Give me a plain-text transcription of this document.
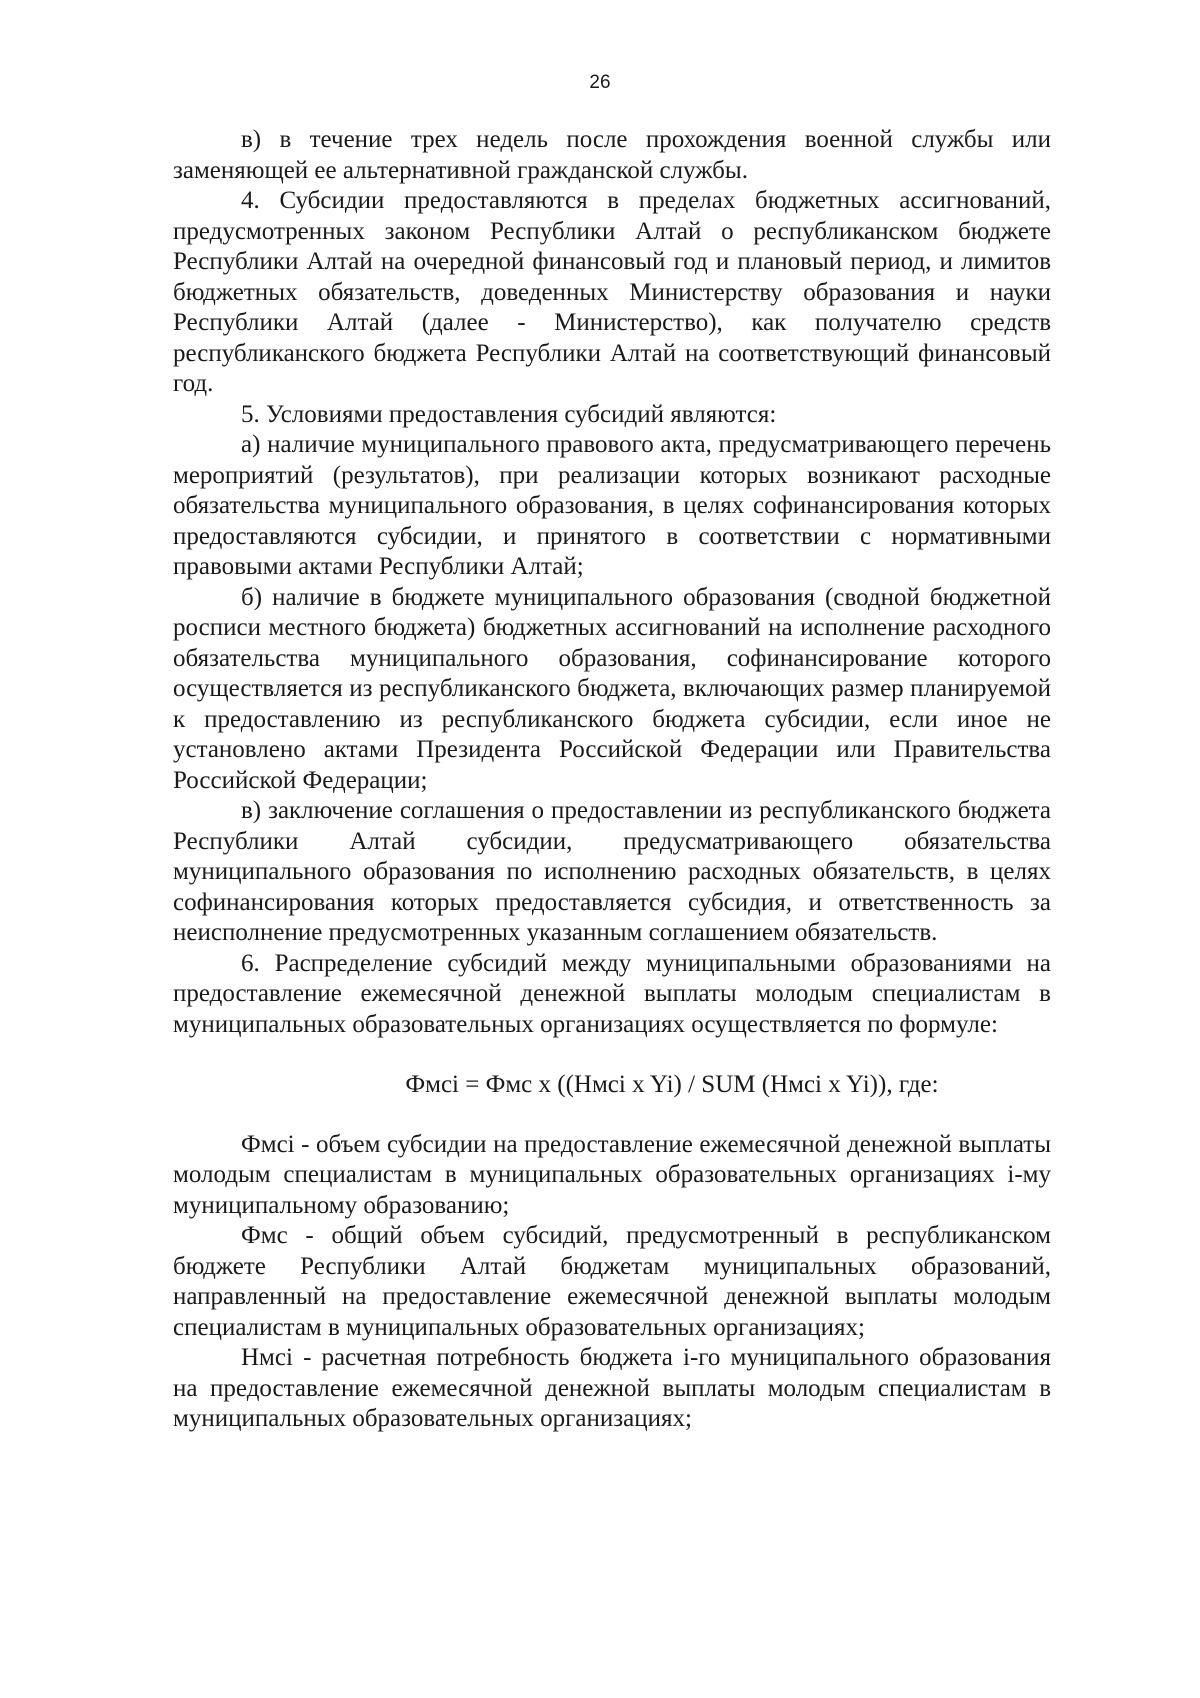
26

в) в течение трех недель после прохождения военной службы или заменяющей ее альтернативной гражданской службы.

4. Субсидии предоставляются в пределах бюджетных ассигнований, предусмотренных законом Республики Алтай о республиканском бюджете Республики Алтай на очередной финансовый год и плановый период, и лимитов бюджетных обязательств, доведенных Министерству образования и науки Республики Алтай (далее - Министерство), как получателю средств республиканского бюджета Республики Алтай на соответствующий финансовый год.

5. Условиями предоставления субсидий являются:

а) наличие муниципального правового акта, предусматривающего перечень мероприятий (результатов), при реализации которых возникают расходные обязательства муниципального образования, в целях софинансирования которых предоставляются субсидии, и принятого в соответствии с нормативными правовыми актами Республики Алтай;

б) наличие в бюджете муниципального образования (сводной бюджетной росписи местного бюджета) бюджетных ассигнований на исполнение расходного обязательства муниципального образования, софинансирование которого осуществляется из республиканского бюджета, включающих размер планируемой к предоставлению из республиканского бюджета субсидии, если иное не установлено актами Президента Российской Федерации или Правительства Российской Федерации;

в) заключение соглашения о предоставлении из республиканского бюджета Республики Алтай субсидии, предусматривающего обязательства муниципального образования по исполнению расходных обязательств, в целях софинансирования которых предоставляется субсидия, и ответственность за неисполнение предусмотренных указанным соглашением обязательств.

6. Распределение субсидий между муниципальными образованиями на предоставление ежемесячной денежной выплаты молодым специалистам в муниципальных образовательных организациях осуществляется по формуле:

Фмсi = Фмс x ((Нмсi x Yi) / SUM (Нмсi x Yi)), где:

Фмсi - объем субсидии на предоставление ежемесячной денежной выплаты молодым специалистам в муниципальных образовательных организациях i-му муниципальному образованию;

Фмс - общий объем субсидий, предусмотренный в республиканском бюджете Республики Алтай бюджетам муниципальных образований, направленный на предоставление ежемесячной денежной выплаты молодым специалистам в муниципальных образовательных организациях;

Нмсi - расчетная потребность бюджета i-го муниципального образования на предоставление ежемесячной денежной выплаты молодым специалистам в муниципальных образовательных организациях;
